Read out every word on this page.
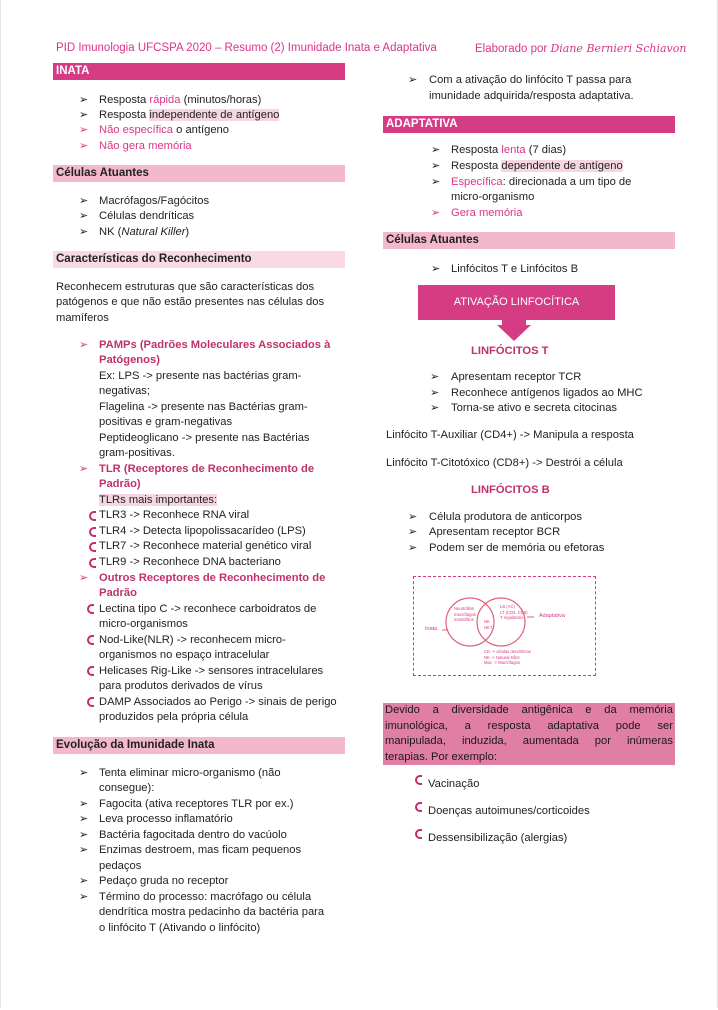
PID Imunologia UFCSPA 2020 – Resumo (2) Imunidade Inata e Adaptativa	Elaborado por Diane Bernieri Schiavon
INATA
➢ Resposta rápida (minutos/horas)
➢ Resposta independente de antígeno
➢ Não específica o antígeno
➢ Não gera memória
Células Atuantes
➢ Macrófagos/Fagócitos
➢ Células dendríticas
➢ NK (Natural Killer)
Características do Reconhecimento
Reconhecem estruturas que são características dos
patógenos e que não estão presentes nas células dos
mamíferos
➢ PAMPs (Padrões Moleculares Associados à
Patógenos)
Ex: LPS -> presente nas bactérias gram-
negativas;
Flagelina -> presente nas Bactérias gram-
positivas e gram-negativas
Peptideoglicano -> presente nas Bactérias
gram-positivas.
➢ TLR (Receptores de Reconhecimento de
Padrão)
TLRs mais importantes:
TLR3 -> Reconhece RNA viral
TLR4 -> Detecta lipopolissacarídeo (LPS)
TLR7 -> Reconhece material genético viral
TLR9 -> Reconhece DNA bacteriano
➢ Outros Receptores de Reconhecimento de
Padrão
Lectina tipo C -> reconhece carboidratos de
micro-organismos
Nod-Like(NLR) -> reconhecem micro-
organismos no espaço intracelular
Helicases Rig-Like -> sensores intracelulares
para produtos derivados de vírus
DAMP Associados ao Perigo -> sinais de perigo
produzidos pela própria célula
Evolução da Imunidade Inata
➢ Tenta eliminar micro-organismo (não
consegue):
➢ Fagocita (ativa receptores TLR por ex.)
➢ Leva processo inflamatório
➢ Bactéria fagocitada dentro do vacúolo
➢ Enzimas destroem, mas ficam pequenos
pedaços
➢ Pedaço gruda no receptor
➢ Término do processo: macrófago ou célula
dendrítica mostra pedacinho da bactéria para
o linfócito T (Ativando o linfócito)
➢ Com a ativação do linfócito T passa para
imunidade adquirida/resposta adaptativa.
ADAPTATIVA
➢ Resposta lenta (7 dias)
➢ Resposta dependente de antígeno
➢ Específica: direcionada a um tipo de
micro-organismo
➢ Gera memória
Células Atuantes
➢ Linfócitos T e Linfócitos B
ATIVAÇÃO LINFOCÍTICA
LINFÓCITOS T
➢ Apresentam receptor TCR
➢ Reconhece antígenos ligados ao MHC
➢ Torna-se ativo e secreta citocinas
Linfócito T-Auxiliar (CD4+) -> Manipula a resposta
Linfócito T-Citotóxico (CD8+) -> Destrói a célula
LINFÓCITOS B
➢ Célula produtora de anticorpos
➢ Apresentam receptor BCR
➢ Podem ser de memória ou efetoras
Inata
Adaptativa
Neutrófilos
macrófagos
eosinófilos
LB (AC)
LT (CD4, CD8)
T regulatório
NK
NKT
CD -> células dendríticas
NK -> Natural Killer
Mac -> Macrófagos
Devido a diversidade antigênica e da memória
imunológica, a resposta adaptativa pode ser
manipulada, induzida, aumentada por inúmeras
terapias. Por exemplo:
Vacinação
Doenças autoimunes/corticoides
Dessensibilização (alergias)
